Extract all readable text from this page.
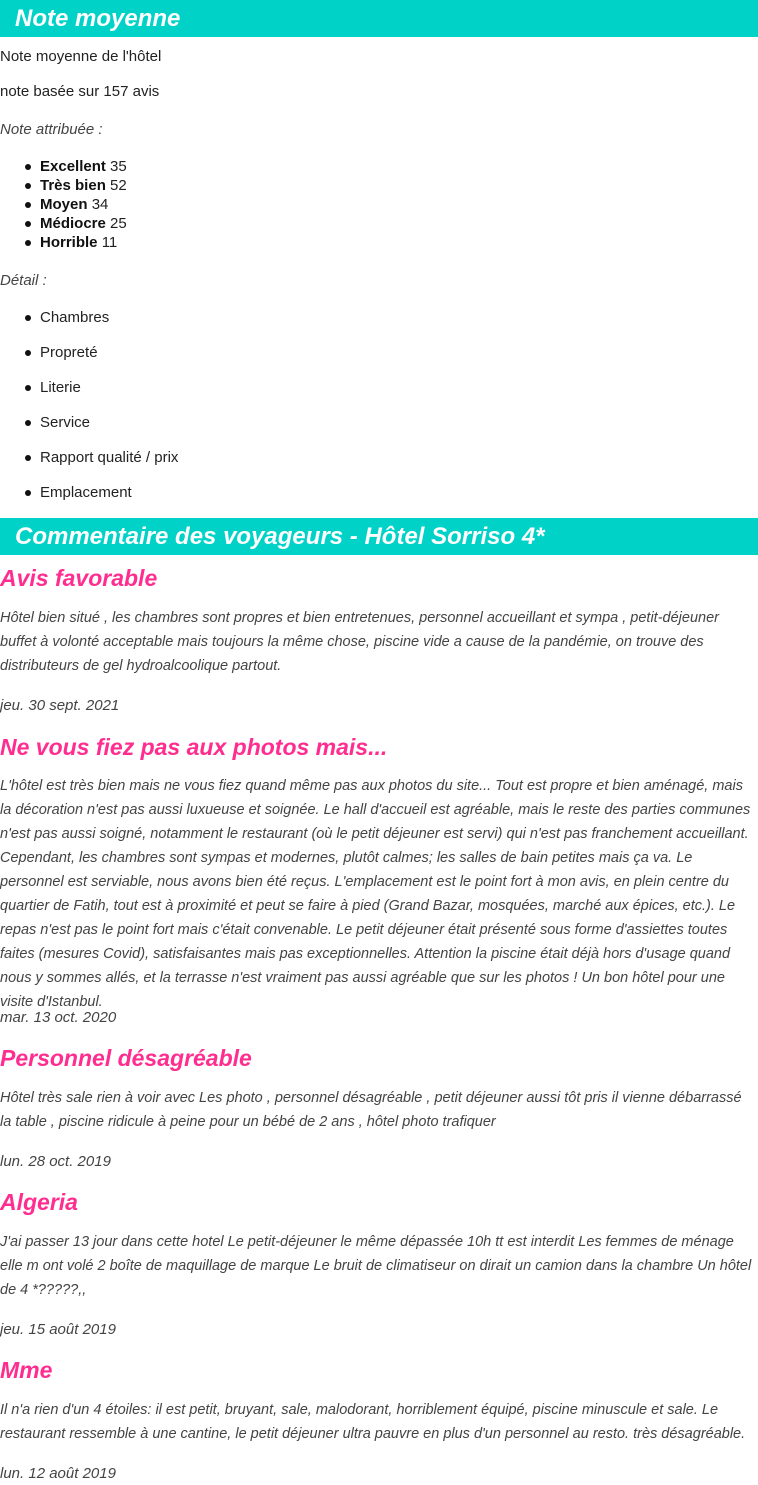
Note moyenne

Note moyenne de l'hôtel

note basée sur 157 avis

Note attribuée :

Excellent 35
Très bien 52
Moyen 34
Médiocre 25
Horrible 11

Détail :

Chambres
Propreté
Literie
Service
Rapport qualité / prix
Emplacement
Commentaire des voyageurs - Hôtel Sorriso 4*
Avis favorable

Hôtel bien situé , les chambres sont propres et bien entretenues, personnel accueillant et sympa , petit-déjeuner buffet à volonté acceptable mais toujours la même chose, piscine vide a cause de la pandémie, on trouve des distributeurs de gel hydroalcoolique partout.

jeu. 30 sept. 2021

Ne vous fiez pas aux photos mais...

L'hôtel est très bien mais ne vous fiez quand même pas aux photos du site... Tout est propre et bien aménagé, mais la décoration n'est pas aussi luxueuse et soignée. Le hall d'accueil est agréable, mais le reste des parties communes n'est pas aussi soigné, notamment le restaurant (où le petit déjeuner est servi) qui n'est pas franchement accueillant. Cependant, les chambres sont sympas et modernes, plutôt calmes; les salles de bain petites mais ça va. Le personnel est serviable, nous avons bien été reçus. L'emplacement est le point fort à mon avis, en plein centre du quartier de Fatih, tout est à proximité et peut se faire à pied (Grand Bazar, mosquées, marché aux épices, etc.). Le repas n'est pas le point fort mais c'était convenable. Le petit déjeuner était présenté sous forme d'assiettes toutes faites (mesures Covid), satisfaisantes mais pas exceptionnelles. Attention la piscine était déjà hors d'usage quand nous y sommes allés, et la terrasse n'est vraiment pas aussi agréable que sur les photos ! Un bon hôtel pour une visite d'Istanbul.

mar. 13 oct. 2020

Personnel désagréable

Hôtel très sale rien à voir avec Les photo , personnel désagréable , petit déjeuner aussi tôt pris il vienne débarrassé la table , piscine ridicule à peine pour un bébé de 2 ans , hôtel photo trafiquer

lun. 28 oct. 2019

Algeria

J'ai passer 13 jour dans cette hotel Le petit-déjeuner le même dépassée 10h tt est interdit Les femmes de ménage elle m ont volé 2 boîte de maquillage de marque Le bruit de climatiseur on dirait un camion dans la chambre Un hôtel de 4 *?????,,

jeu. 15 août 2019

Mme

Il n'a rien d'un 4 étoiles: il est petit, bruyant, sale, malodorant, horriblement équipé, piscine minuscule et sale. Le restaurant ressemble à une cantine, le petit déjeuner ultra pauvre en plus d'un personnel au resto. très désagréable.

lun. 12 août 2019
